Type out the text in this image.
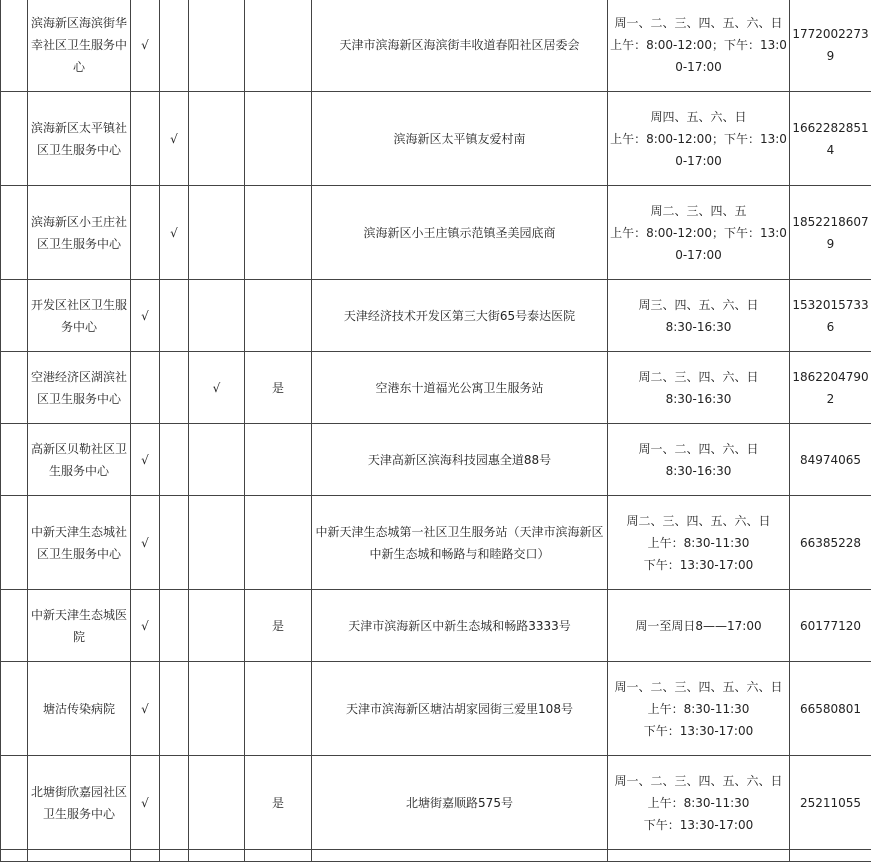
	滨海新区海滨街华幸社区卫生服务中心	√				天津市滨海新区海滨街丰收道春阳社区居委会	周一、二、三、四、五、六、日
上午：8:00-12:00；下午：13:00-17:00	17720022739
	滨海新区太平镇社区卫生服务中心		√			滨海新区太平镇友爱村南	周四、五、六、日
上午：8:00-12:00；下午：13:00-17:00	16622828514
	滨海新区小王庄社区卫生服务中心		√			滨海新区小王庄镇示范镇圣美园底商	周二、三、四、五
上午：8:00-12:00；下午：13:00-17:00	18522186079
	开发区社区卫生服务中心	√				天津经济技术开发区第三大街65号泰达医院	周三、四、五、六、日
8:30-16:30	15320157336
	空港经济区湖滨社区卫生服务中心			√	是	空港东十道福光公寓卫生服务站	周二、三、四、六、日
8:30-16:30	18622047902
	高新区贝勒社区卫生服务中心	√				天津高新区滨海科技园惠全道88号	周一、二、四、六、日
8:30-16:30	84974065
	中新天津生态城社区卫生服务中心	√				中新天津生态城第一社区卫生服务站（天津市滨海新区中新生态城和畅路与和睦路交口）	周二、三、四、五、六、日
上午：8:30-11:30
下午：13:30-17:00	66385228
	中新天津生态城医院	√			是	天津市滨海新区中新生态城和畅路3333号	周一至周日8——17:00	60177120
	塘沽传染病院	√				天津市滨海新区塘沽胡家园街三爱里108号	周一、二、三、四、五、六、日
上午：8:30-11:30
下午：13:30-17:00	66580801
	北塘街欣嘉园社区卫生服务中心	√			是	北塘街嘉顺路575号	周一、二、三、四、五、六、日
上午：8:30-11:30
下午：13:30-17:00	25211055
